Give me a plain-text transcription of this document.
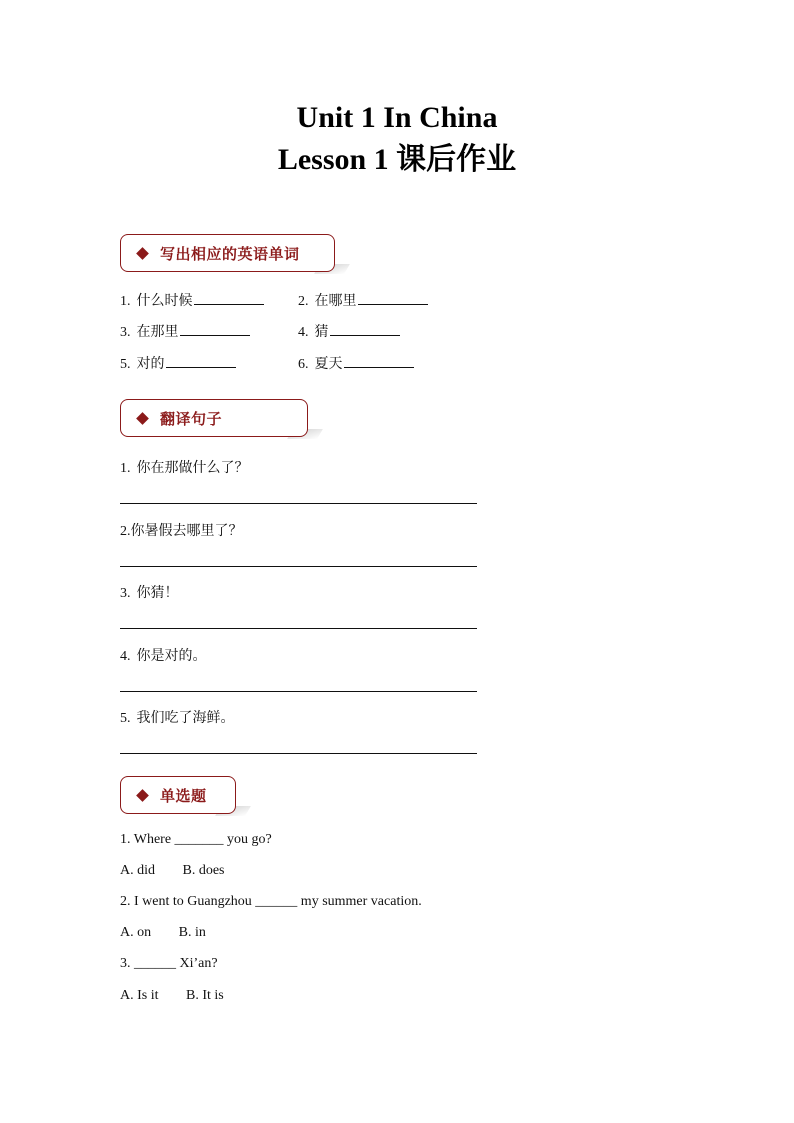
Unit 1 In China
Lesson 1 课后作业
写出相应的英语单词
1. 什么时候	2. 在哪里
3. 在那里	4. 猜
5. 对的	6. 夏天
翻译句子
1. 你在那做什么了？
2.你暑假去哪里了？
3. 你猜！
4. 你是对的。
5. 我们吃了海鲜。
单选题
1. Where _______ you go?
A. did B. does
2. I went to Guangzhou ______ my summer vacation.
A. on B. in
3. ______ Xi’an?
A. Is it B. It is
